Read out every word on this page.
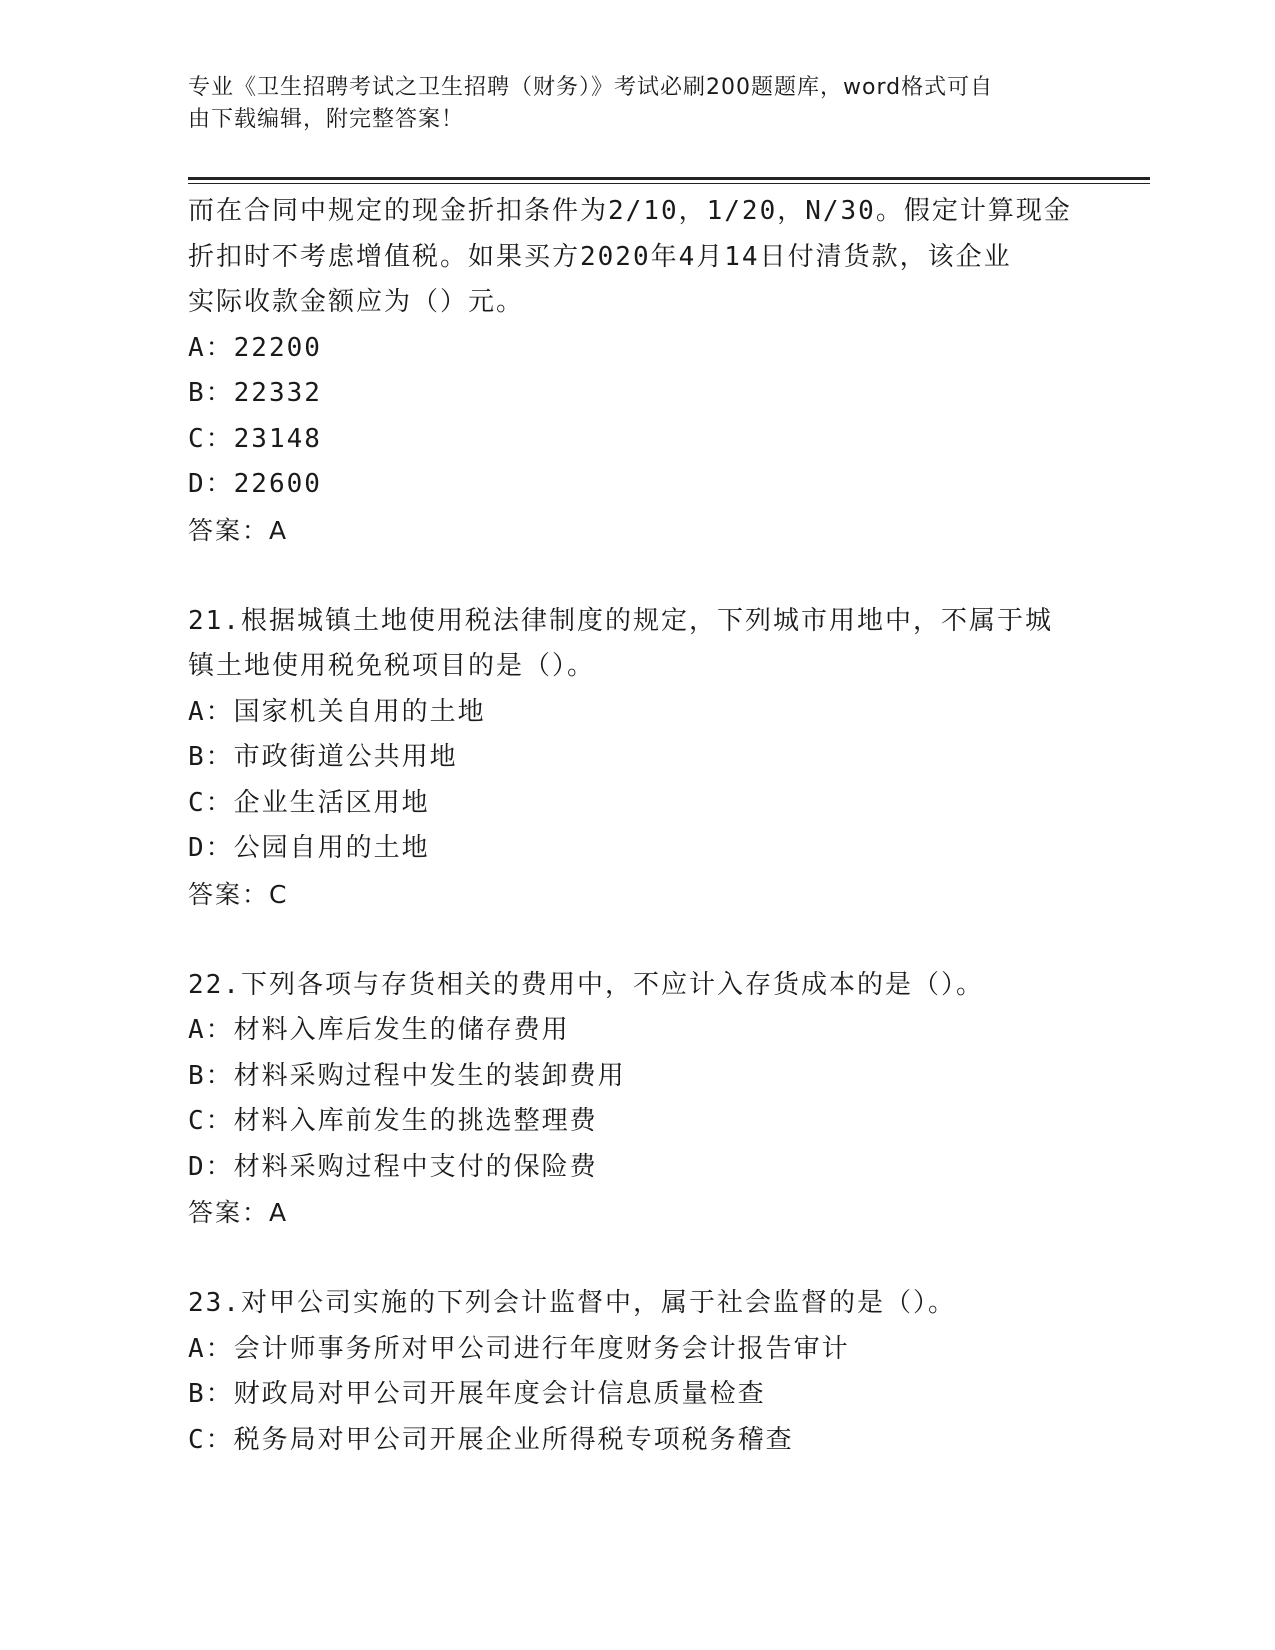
专业《卫生招聘考试之卫生招聘（财务）》考试必刷200题题库，word格式可自
由下载编辑，附完整答案！
而在合同中规定的现金折扣条件为2/10，1/20，N/30。假定计算现金
折扣时不考虑增值税。如果买方2020年4月14日付清货款，该企业
实际收款金额应为（）元。
A：22200
B：22332
C：23148
D：22600
答案：A
21.根据城镇土地使用税法律制度的规定，下列城市用地中，不属于城
镇土地使用税免税项目的是（）。
A：国家机关自用的土地
B：市政街道公共用地
C：企业生活区用地
D：公园自用的土地
答案：C
22.下列各项与存货相关的费用中，不应计入存货成本的是（）。
A：材料入库后发生的储存费用
B：材料采购过程中发生的装卸费用
C：材料入库前发生的挑选整理费
D：材料采购过程中支付的保险费
答案：A
23.对甲公司实施的下列会计监督中，属于社会监督的是（）。
A：会计师事务所对甲公司进行年度财务会计报告审计
B：财政局对甲公司开展年度会计信息质量检查
C：税务局对甲公司开展企业所得税专项税务稽查
